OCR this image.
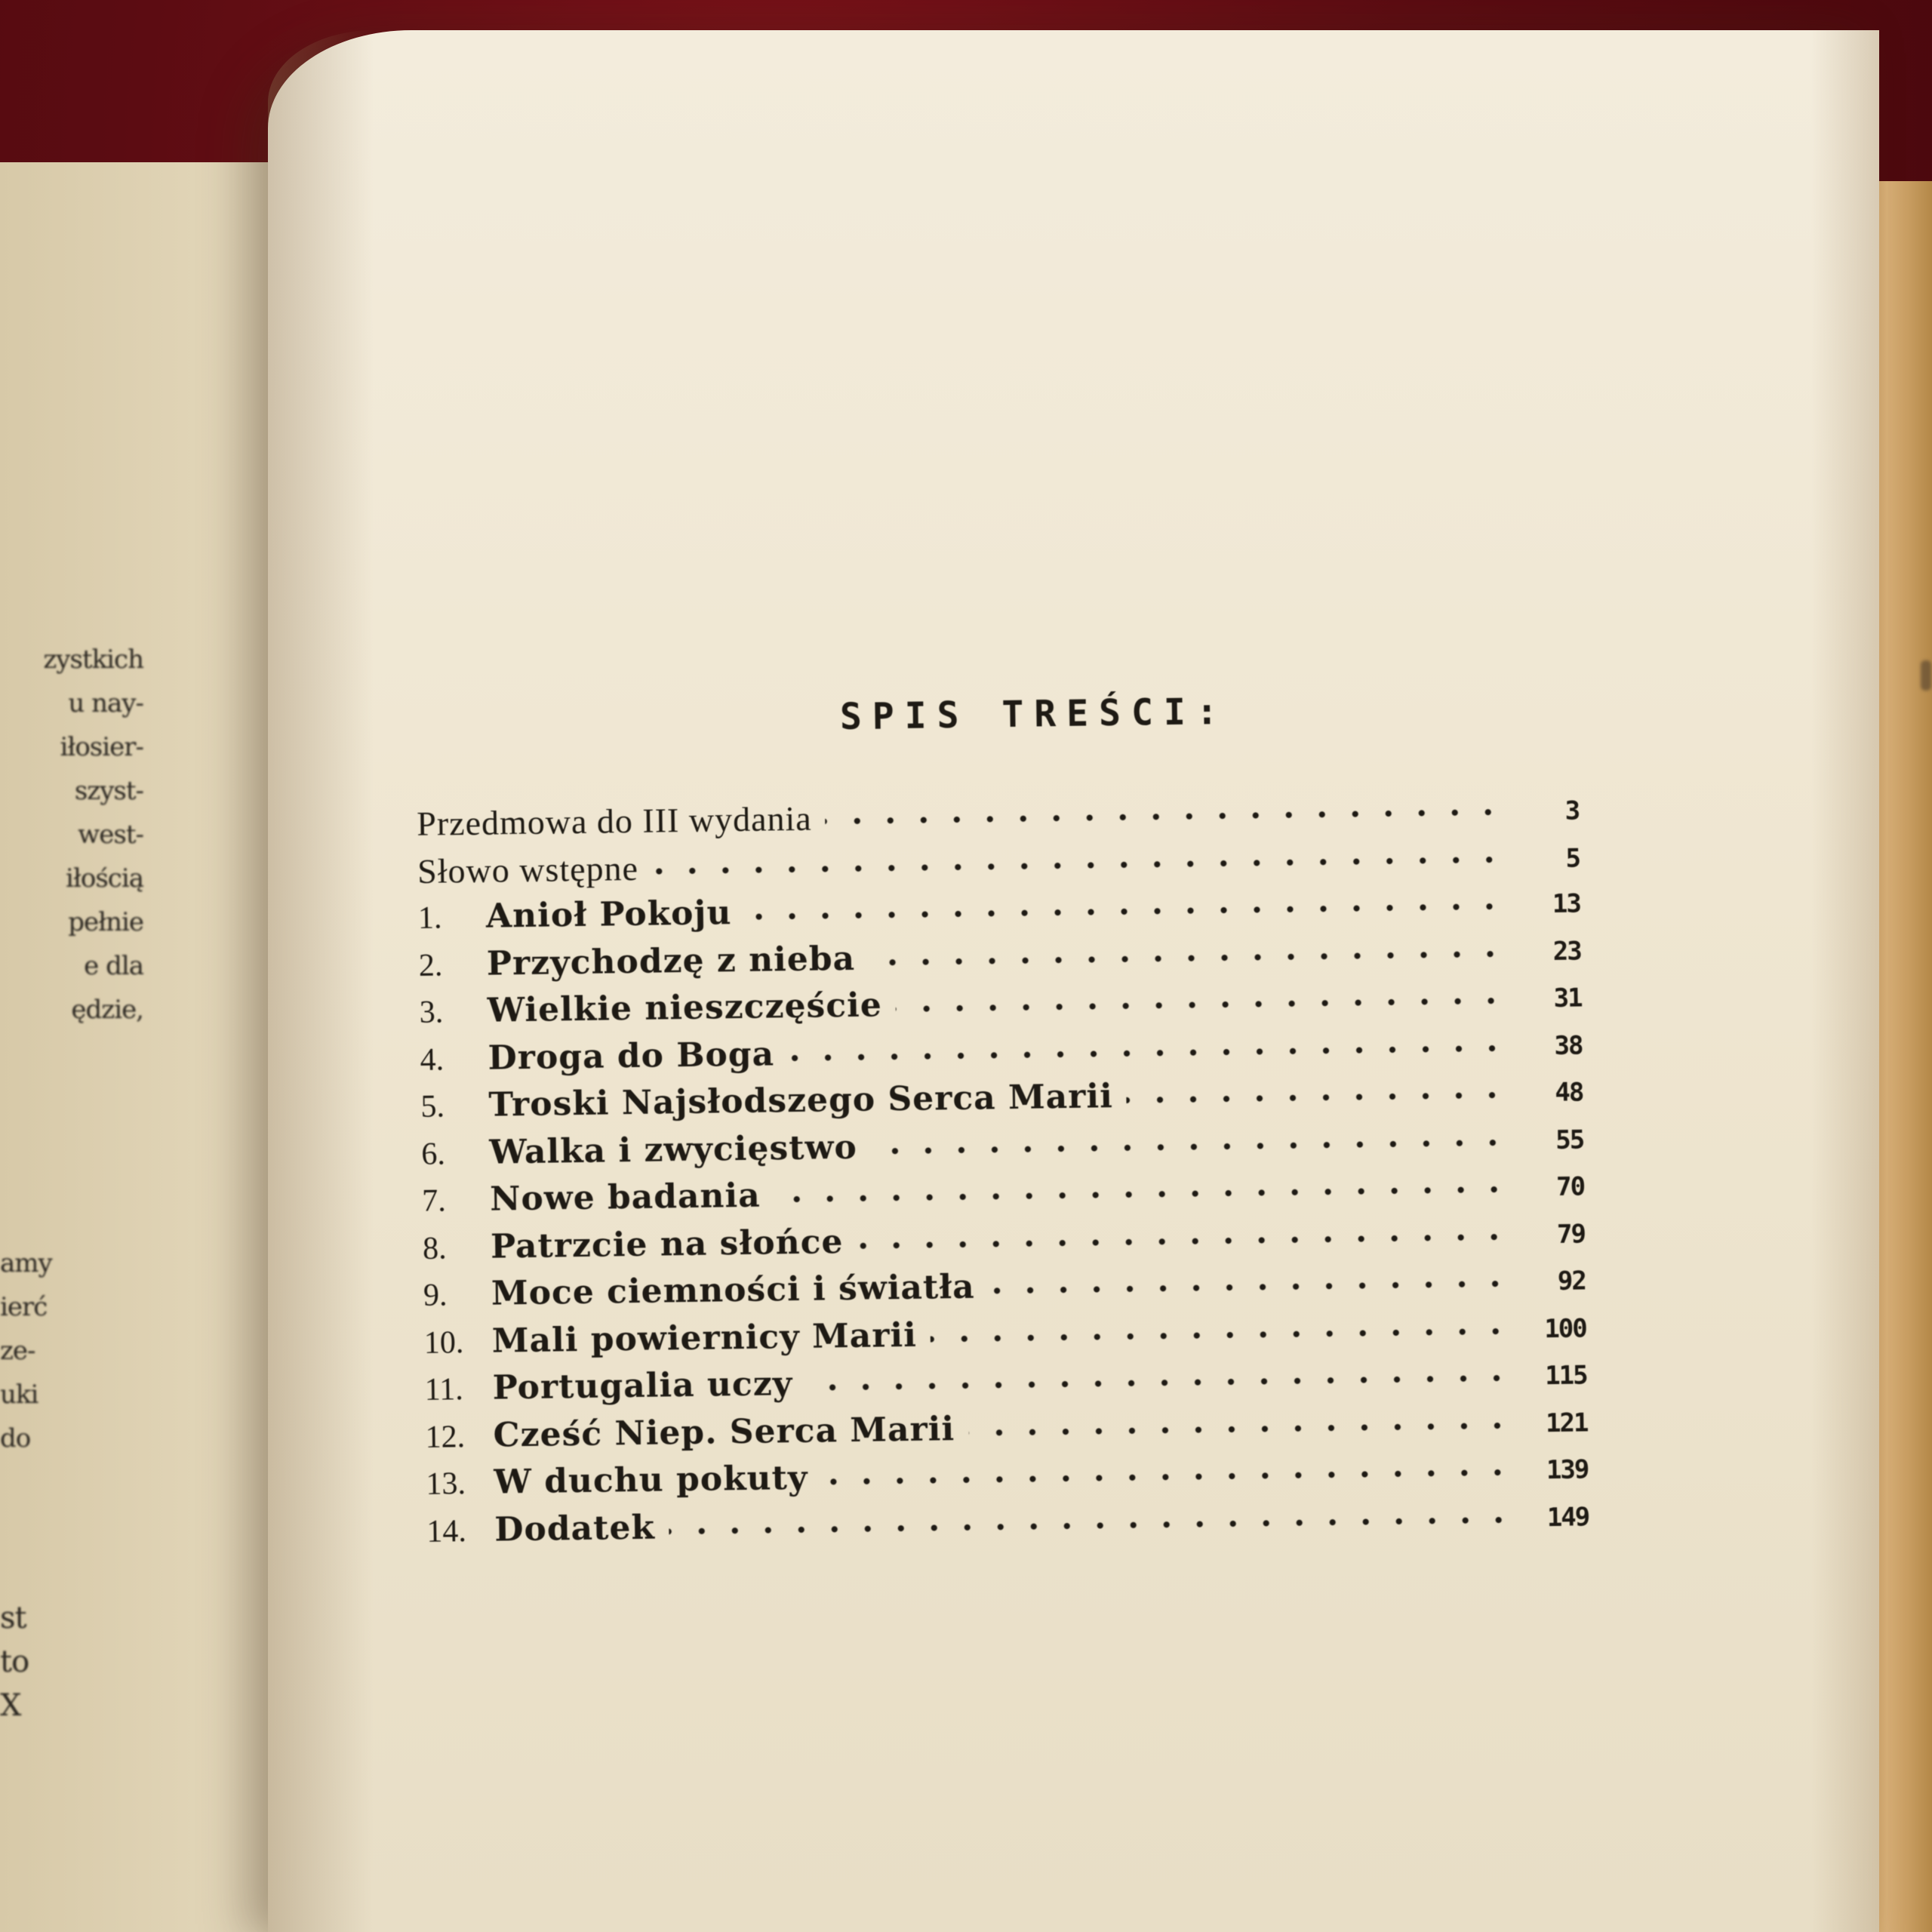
zystkich
u nay-
iłosier-
szyst-
west-
iłością
pełnie
e dla
ędzie,
amy
ierć
ze-
uki
do
st
to
X
SPIS TREŚCI:
Przedmowa do III wydania	3
Słowo wstępne	5
1.	Anioł Pokoju	13
2.	Przychodzę z nieba	23
3.	Wielkie nieszczęście	31
4.	Droga do Boga	38
5.	Troski Najsłodszego Serca Marii	48
6.	Walka i zwycięstwo	55
7.	Nowe badania	70
8.	Patrzcie na słońce	79
9.	Moce ciemności i światła	92
10. Mali powiernicy Marii	100
11. Portugalia uczy	115
12. Cześć Niep. Serca Marii	121
13. W duchu pokuty	139
14. Dodatek	149
